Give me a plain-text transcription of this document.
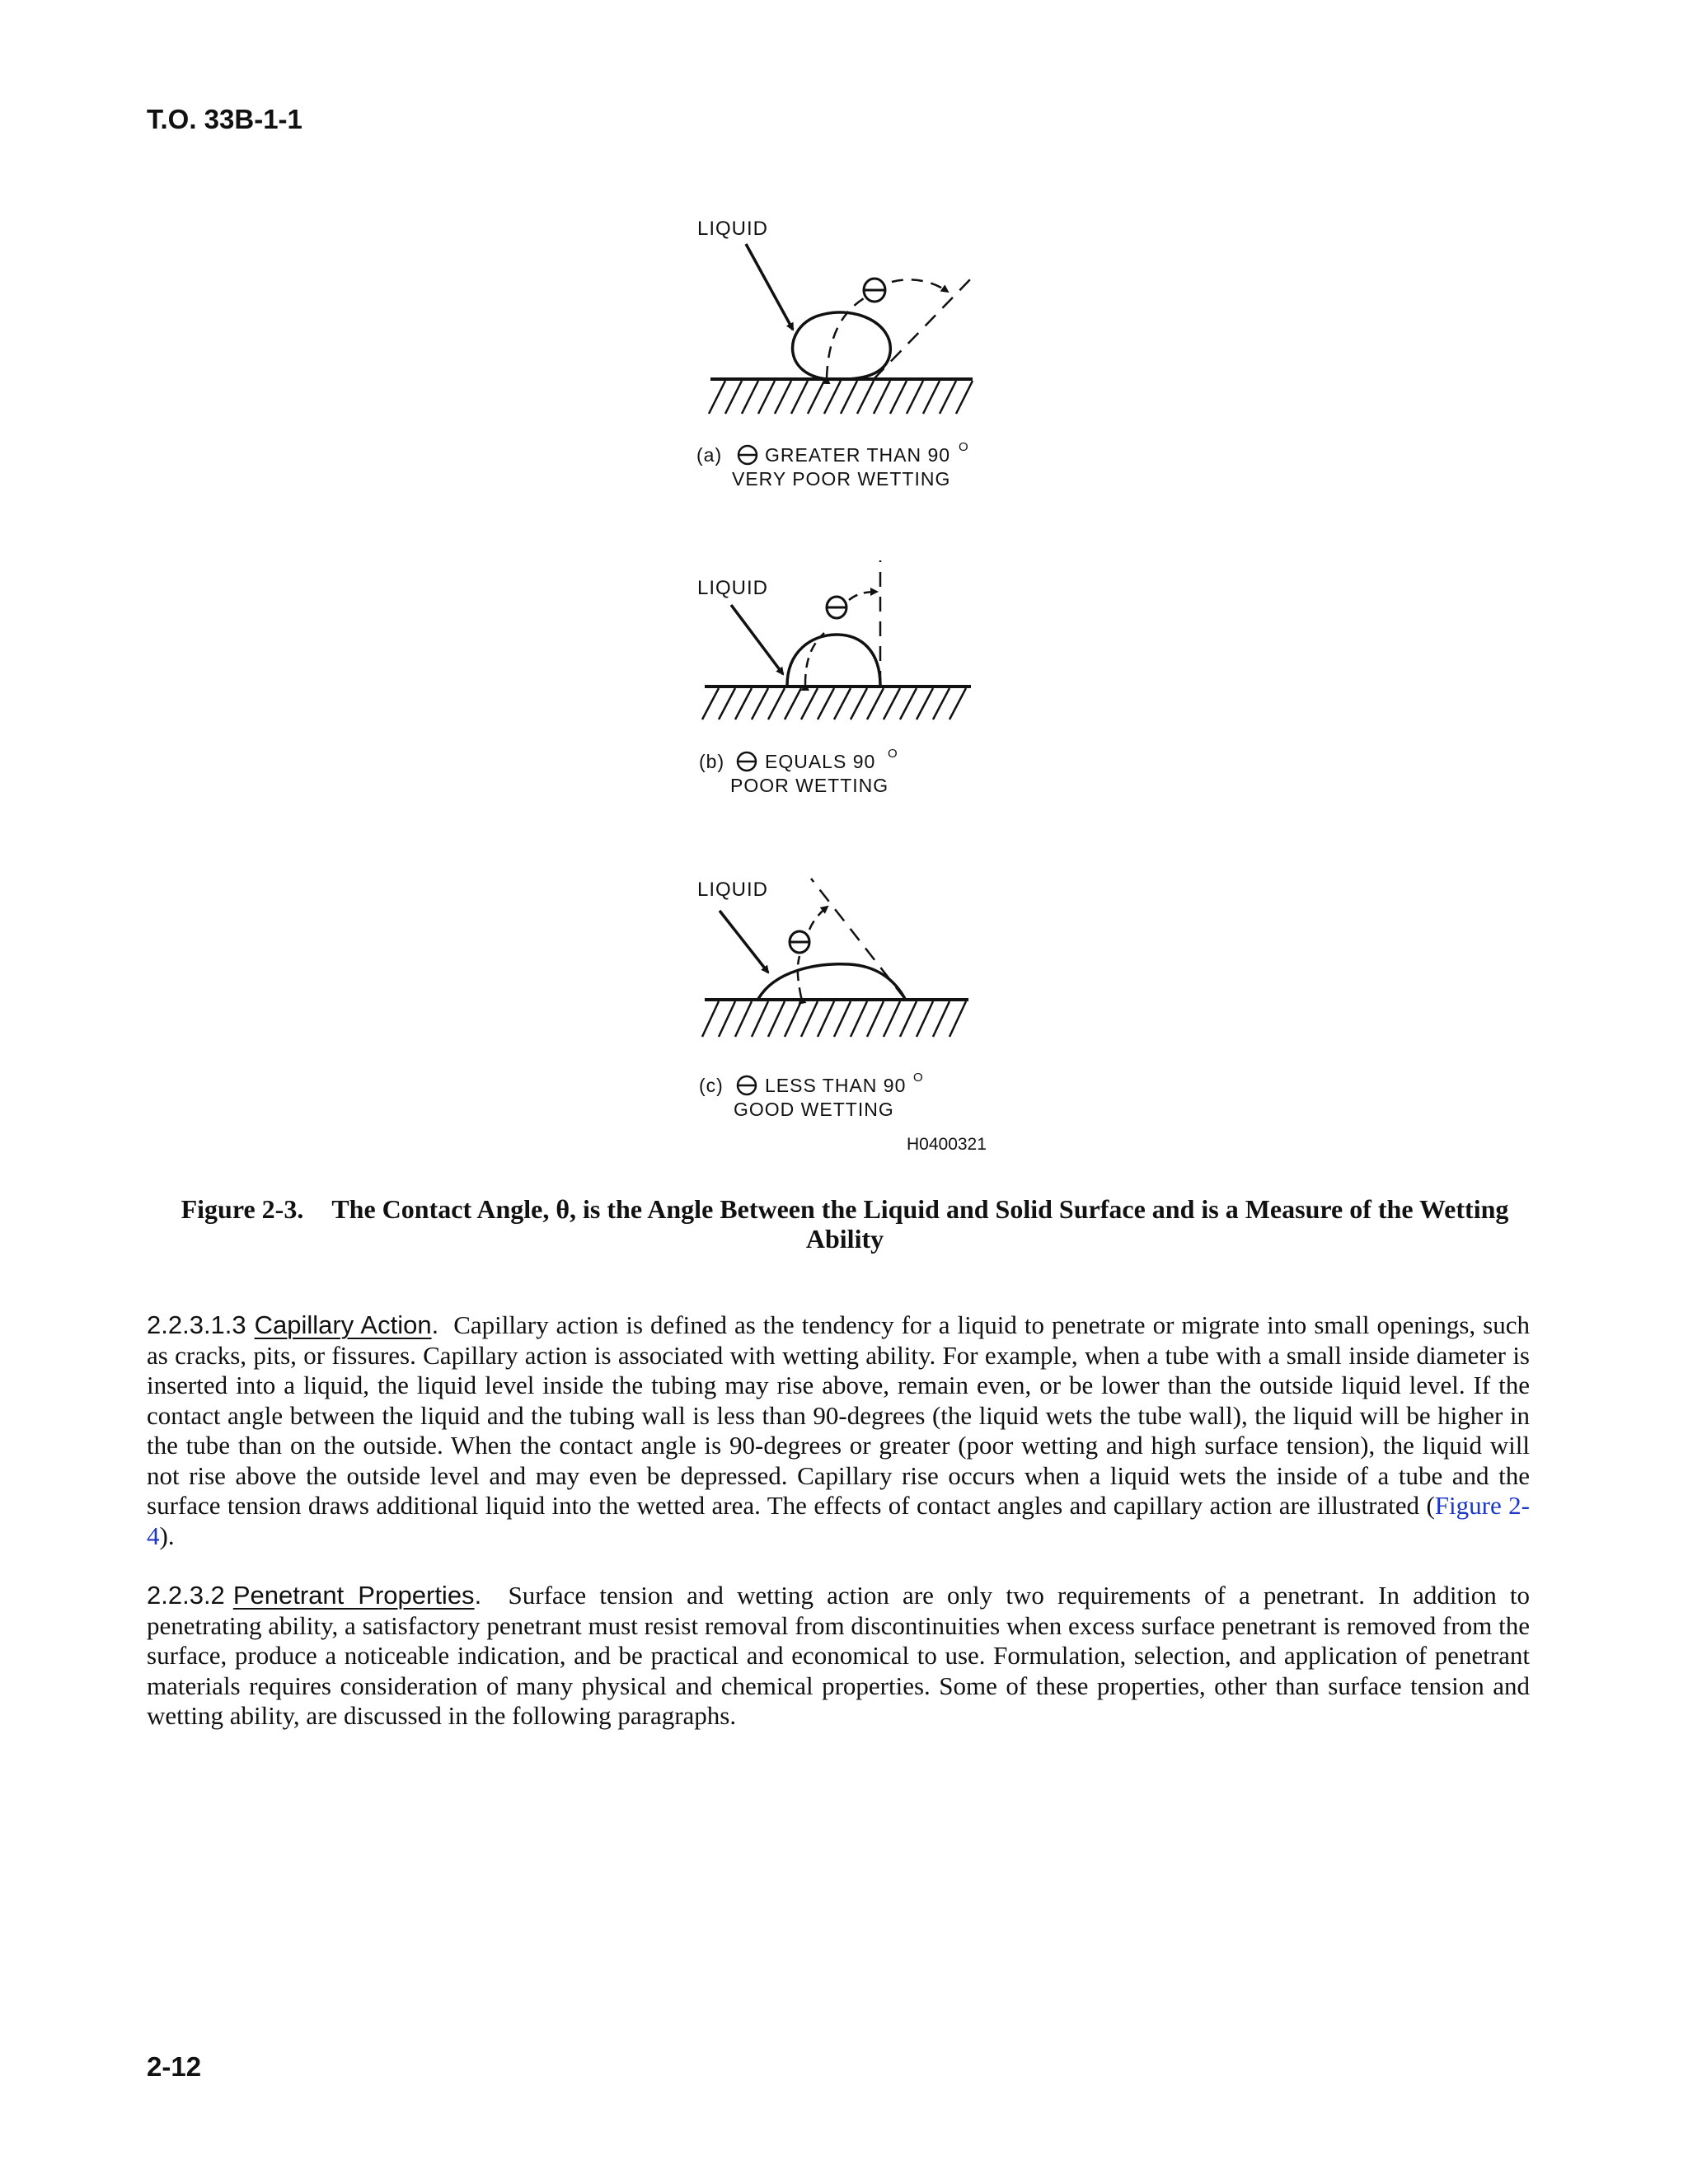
T.O. 33B-1-1
LIQUID
(a) GREATER THAN 90 O
VERY POOR WETTING
LIQUID
(b) EQUALS 90 O
POOR WETTING
LIQUID
(c) LESS THAN 90 O
GOOD WETTING
H0400321
Figure 2-3. The Contact Angle, θ, is the Angle Between the Liquid and Solid Surface and is a Measure of the Wetting Ability
2.2.3.1.3 Capillary Action. Capillary action is defined as the tendency for a liquid to penetrate or migrate into small openings, such as cracks, pits, or fissures. Capillary action is associated with wetting ability. For example, when a tube with a small inside diameter is inserted into a liquid, the liquid level inside the tubing may rise above, remain even, or be lower than the outside liquid level. If the contact angle between the liquid and the tubing wall is less than 90-degrees (the liquid wets the tube wall), the liquid will be higher in the tube than on the outside. When the contact angle is 90-degrees or greater (poor wetting and high surface tension), the liquid will not rise above the outside level and may even be depressed. Capillary rise occurs when a liquid wets the inside of a tube and the surface tension draws additional liquid into the wetted area. The effects of contact angles and capillary action are illustrated (Figure 2-4).
2.2.3.2 Penetrant Properties. Surface tension and wetting action are only two requirements of a penetrant. In addition to penetrating ability, a satisfactory penetrant must resist removal from discontinuities when excess surface penetrant is removed from the surface, produce a noticeable indication, and be practical and economical to use. Formulation, selection, and application of penetrant materials requires consideration of many physical and chemical properties. Some of these properties, other than surface tension and wetting ability, are discussed in the following paragraphs.
2-12
